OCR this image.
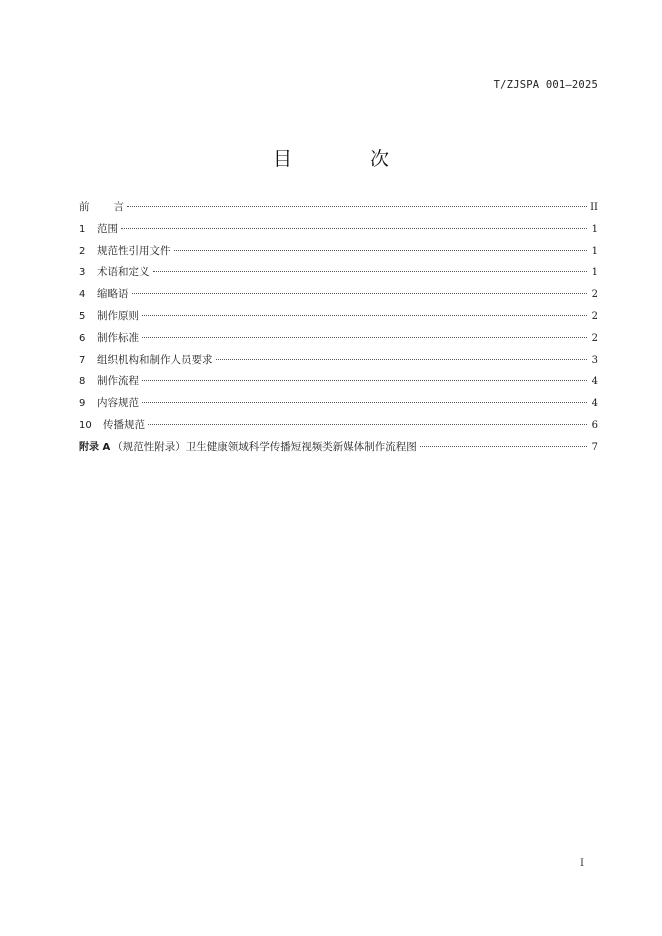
T/ZJSPA 001—2025
目 次
前 言	II
1	范围	1
2	规范性引用文件	1
3	术语和定义	1
4	缩略语	2
5	制作原则	2
6	制作标准	2
7	组织机构和制作人员要求	3
8	制作流程	4
9	内容规范	4
10	传播规范	6
附录 A （规范性附录）卫生健康领域科学传播短视频类新媒体制作流程图	7
I
